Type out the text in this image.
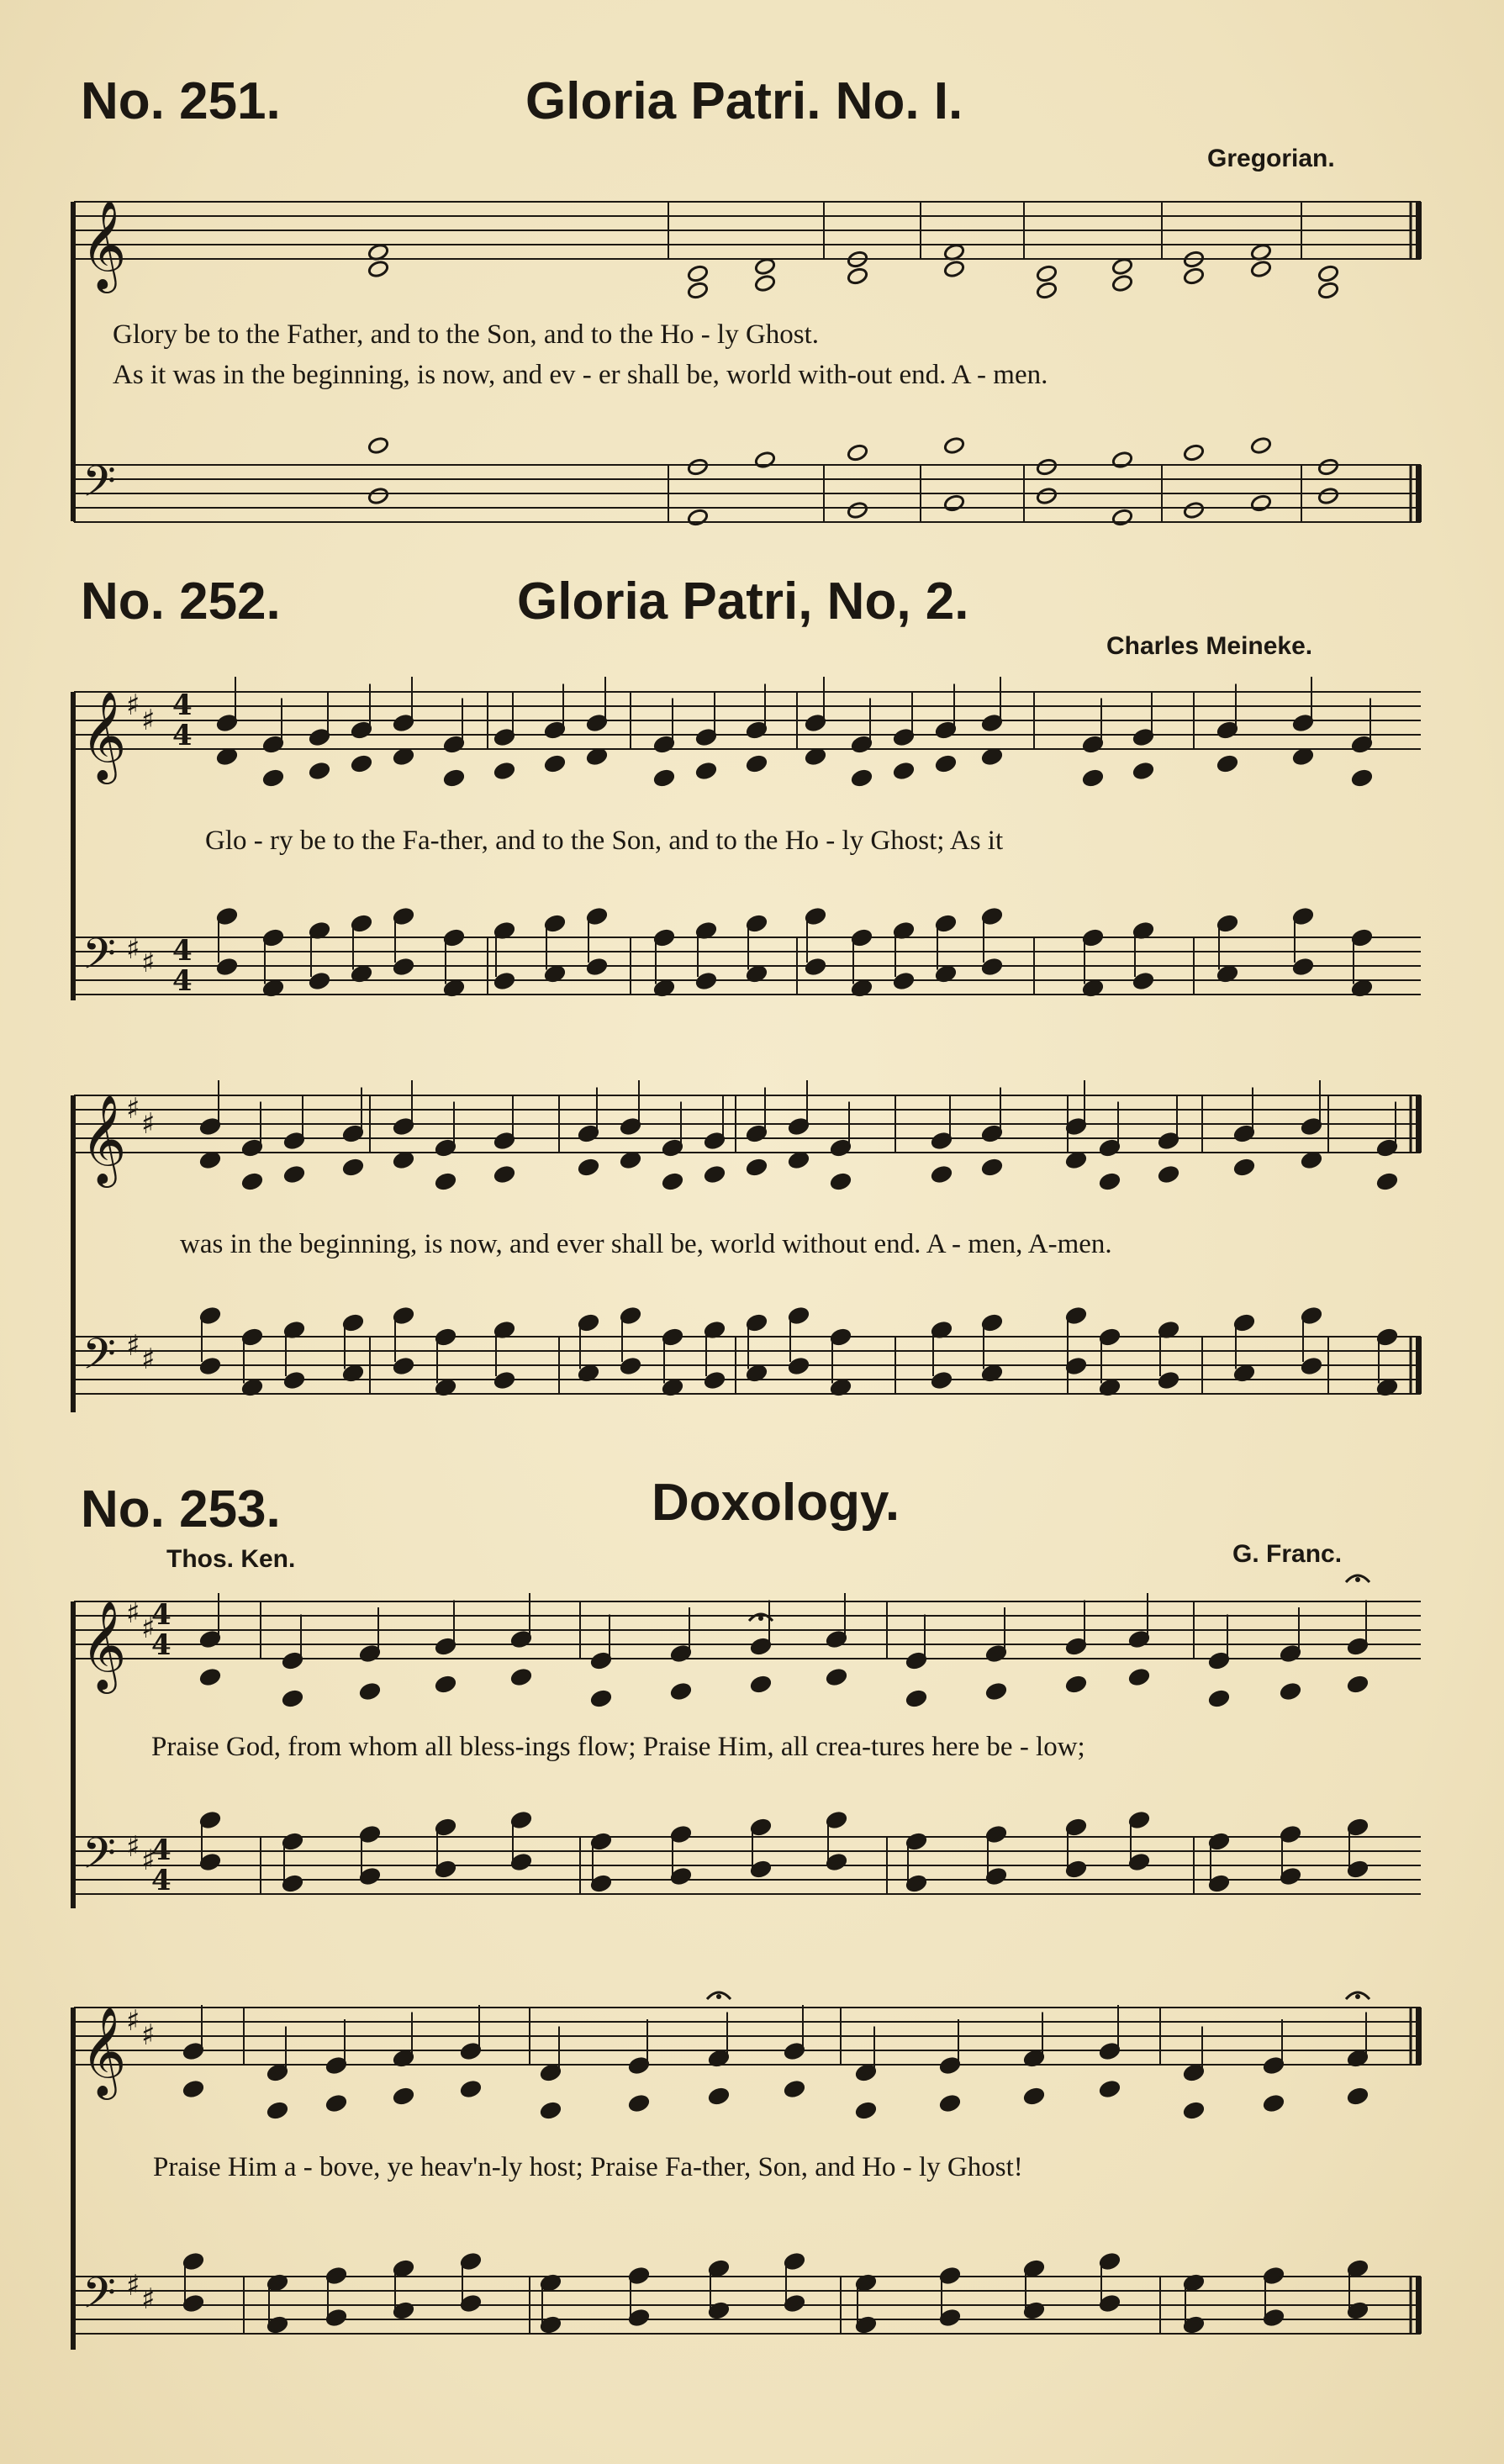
No. 251.	Gloria Patri. No. I.
Gregorian.
Glory be to the Father, and to the Son, and to the Ho - ly Ghost.
As it was in the beginning, is now, and ev - er shall be, world with-out end. A - men.
No. 252.	Gloria Patri, No, 2.
Charles Meineke.
Glo - ry be to the Fa-ther, and to the Son, and to the Ho - ly Ghost; As it
was in the beginning, is now, and ever shall be, world without end. A - men, A-men.
No. 253.	Doxology.
Thos. Ken.	G. Franc.
Praise God, from whom all bless-ings flow; Praise Him, all crea-tures here be - low;
Praise Him a - bove, ye heav'n-ly host; Praise Fa-ther, Son, and Ho - ly Ghost!
𝄞
𝄢
𝄞 ♯ ♯ 4
4
𝄢 ♯ ♯ 4
4
𝄞 ♯ ♯
𝄢 ♯ ♯
𝄞 ♯ ♯
4
4
𝄢 ♯ ♯
4
4
𝄞 ♯ ♯
𝄢 ♯ ♯
